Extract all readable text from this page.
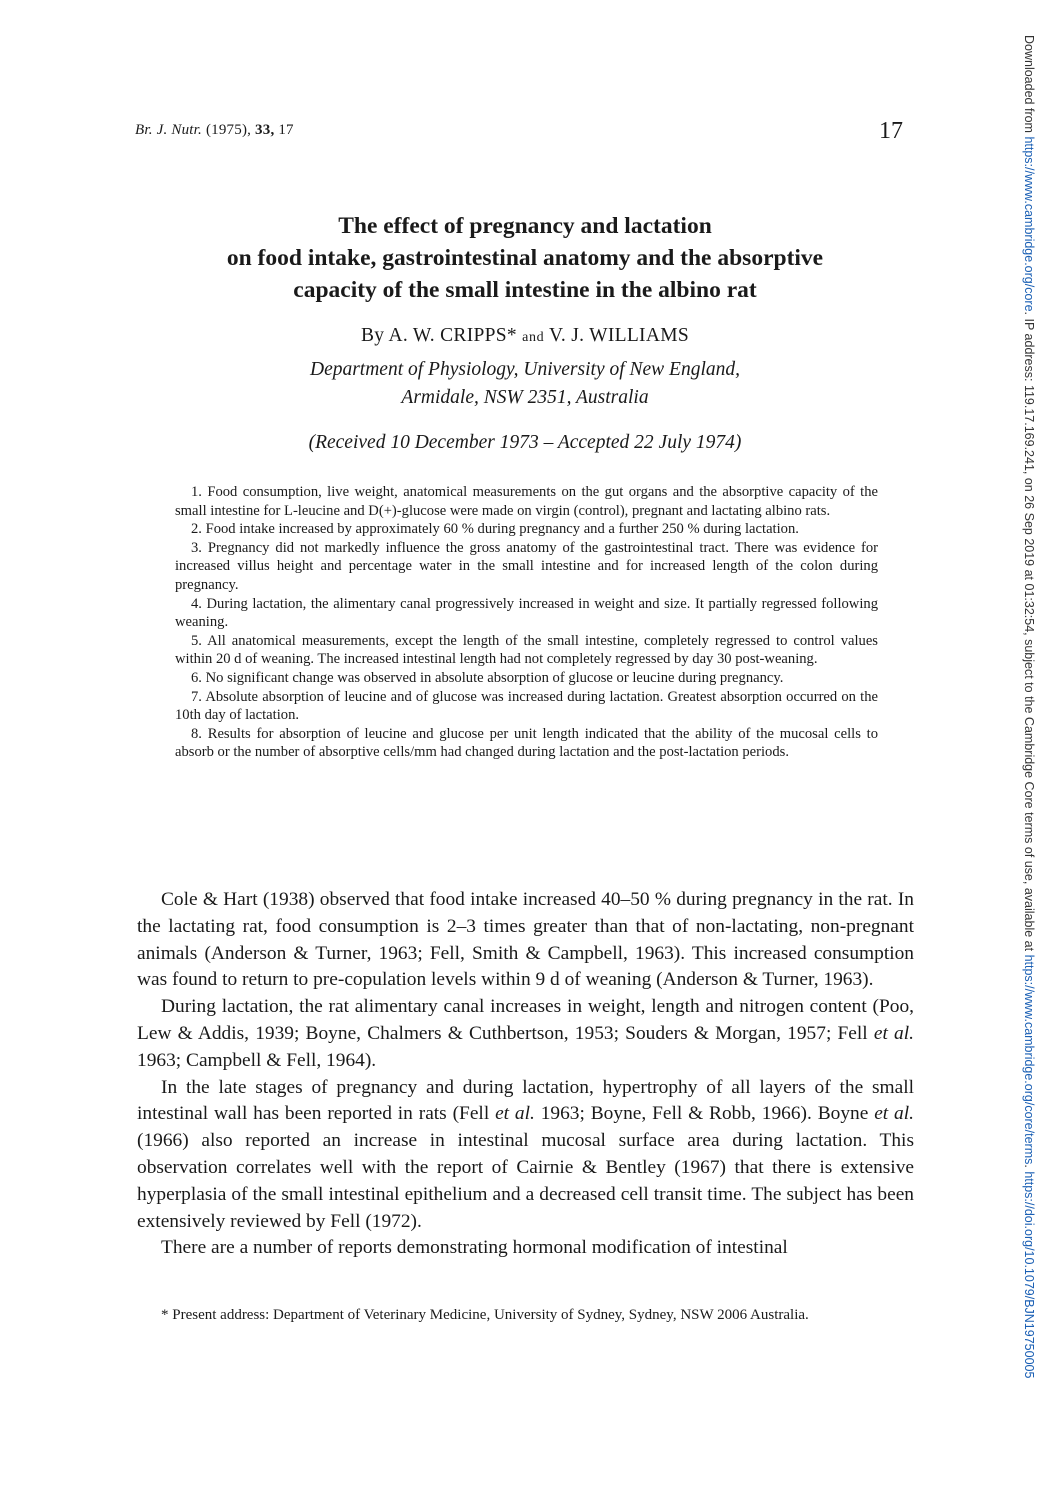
Br. J. Nutr. (1975), 33, 17	17
The effect of pregnancy and lactation
on food intake, gastrointestinal anatomy and the absorptive
capacity of the small intestine in the albino rat
By A. W. CRIPPS* and V. J. WILLIAMS
Department of Physiology, University of New England,
Armidale, NSW 2351, Australia
(Received 10 December 1973 – Accepted 22 July 1974)

1. Food consumption, live weight, anatomical measurements on the gut organs and the absorptive capacity of the small intestine for L-leucine and D(+)-glucose were made on virgin (control), pregnant and lactating albino rats.

2. Food intake increased by approximately 60 % during pregnancy and a further 250 % during lactation.

3. Pregnancy did not markedly influence the gross anatomy of the gastrointestinal tract. There was evidence for increased villus height and percentage water in the small intestine and for increased length of the colon during pregnancy.

4. During lactation, the alimentary canal progressively increased in weight and size. It partially regressed following weaning.

5. All anatomical measurements, except the length of the small intestine, completely regressed to control values within 20 d of weaning. The increased intestinal length had not completely regressed by day 30 post-weaning.

6. No significant change was observed in absolute absorption of glucose or leucine during pregnancy.

7. Absolute absorption of leucine and of glucose was increased during lactation. Greatest absorption occurred on the 10th day of lactation.

8. Results for absorption of leucine and glucose per unit length indicated that the ability of the mucosal cells to absorb or the number of absorptive cells/mm had changed during lactation and the post-lactation periods.

Cole & Hart (1938) observed that food intake increased 40–50 % during pregnancy in the rat. In the lactating rat, food consumption is 2–3 times greater than that of non-lactating, non-pregnant animals (Anderson & Turner, 1963; Fell, Smith & Campbell, 1963). This increased consumption was found to return to pre-copulation levels within 9 d of weaning (Anderson & Turner, 1963).

During lactation, the rat alimentary canal increases in weight, length and nitrogen content (Poo, Lew & Addis, 1939; Boyne, Chalmers & Cuthbertson, 1953; Souders & Morgan, 1957; Fell et al. 1963; Campbell & Fell, 1964).

In the late stages of pregnancy and during lactation, hypertrophy of all layers of the small intestinal wall has been reported in rats (Fell et al. 1963; Boyne, Fell & Robb, 1966). Boyne et al. (1966) also reported an increase in intestinal mucosal surface area during lactation. This observation correlates well with the report of Cairnie & Bentley (1967) that there is extensive hyperplasia of the small intestinal epithelium and a decreased cell transit time. The subject has been extensively reviewed by Fell (1972).

There are a number of reports demonstrating hormonal modification of intestinal

* Present address: Department of Veterinary Medicine, University of Sydney, Sydney, NSW 2006 Australia.

Downloaded from https://www.cambridge.org/core. IP address: 119.17.169.241, on 26 Sep 2019 at 01:32:54, subject to the Cambridge Core terms of use, available at https://www.cambridge.org/core/terms. https://doi.org/10.1079/BJN19750005
